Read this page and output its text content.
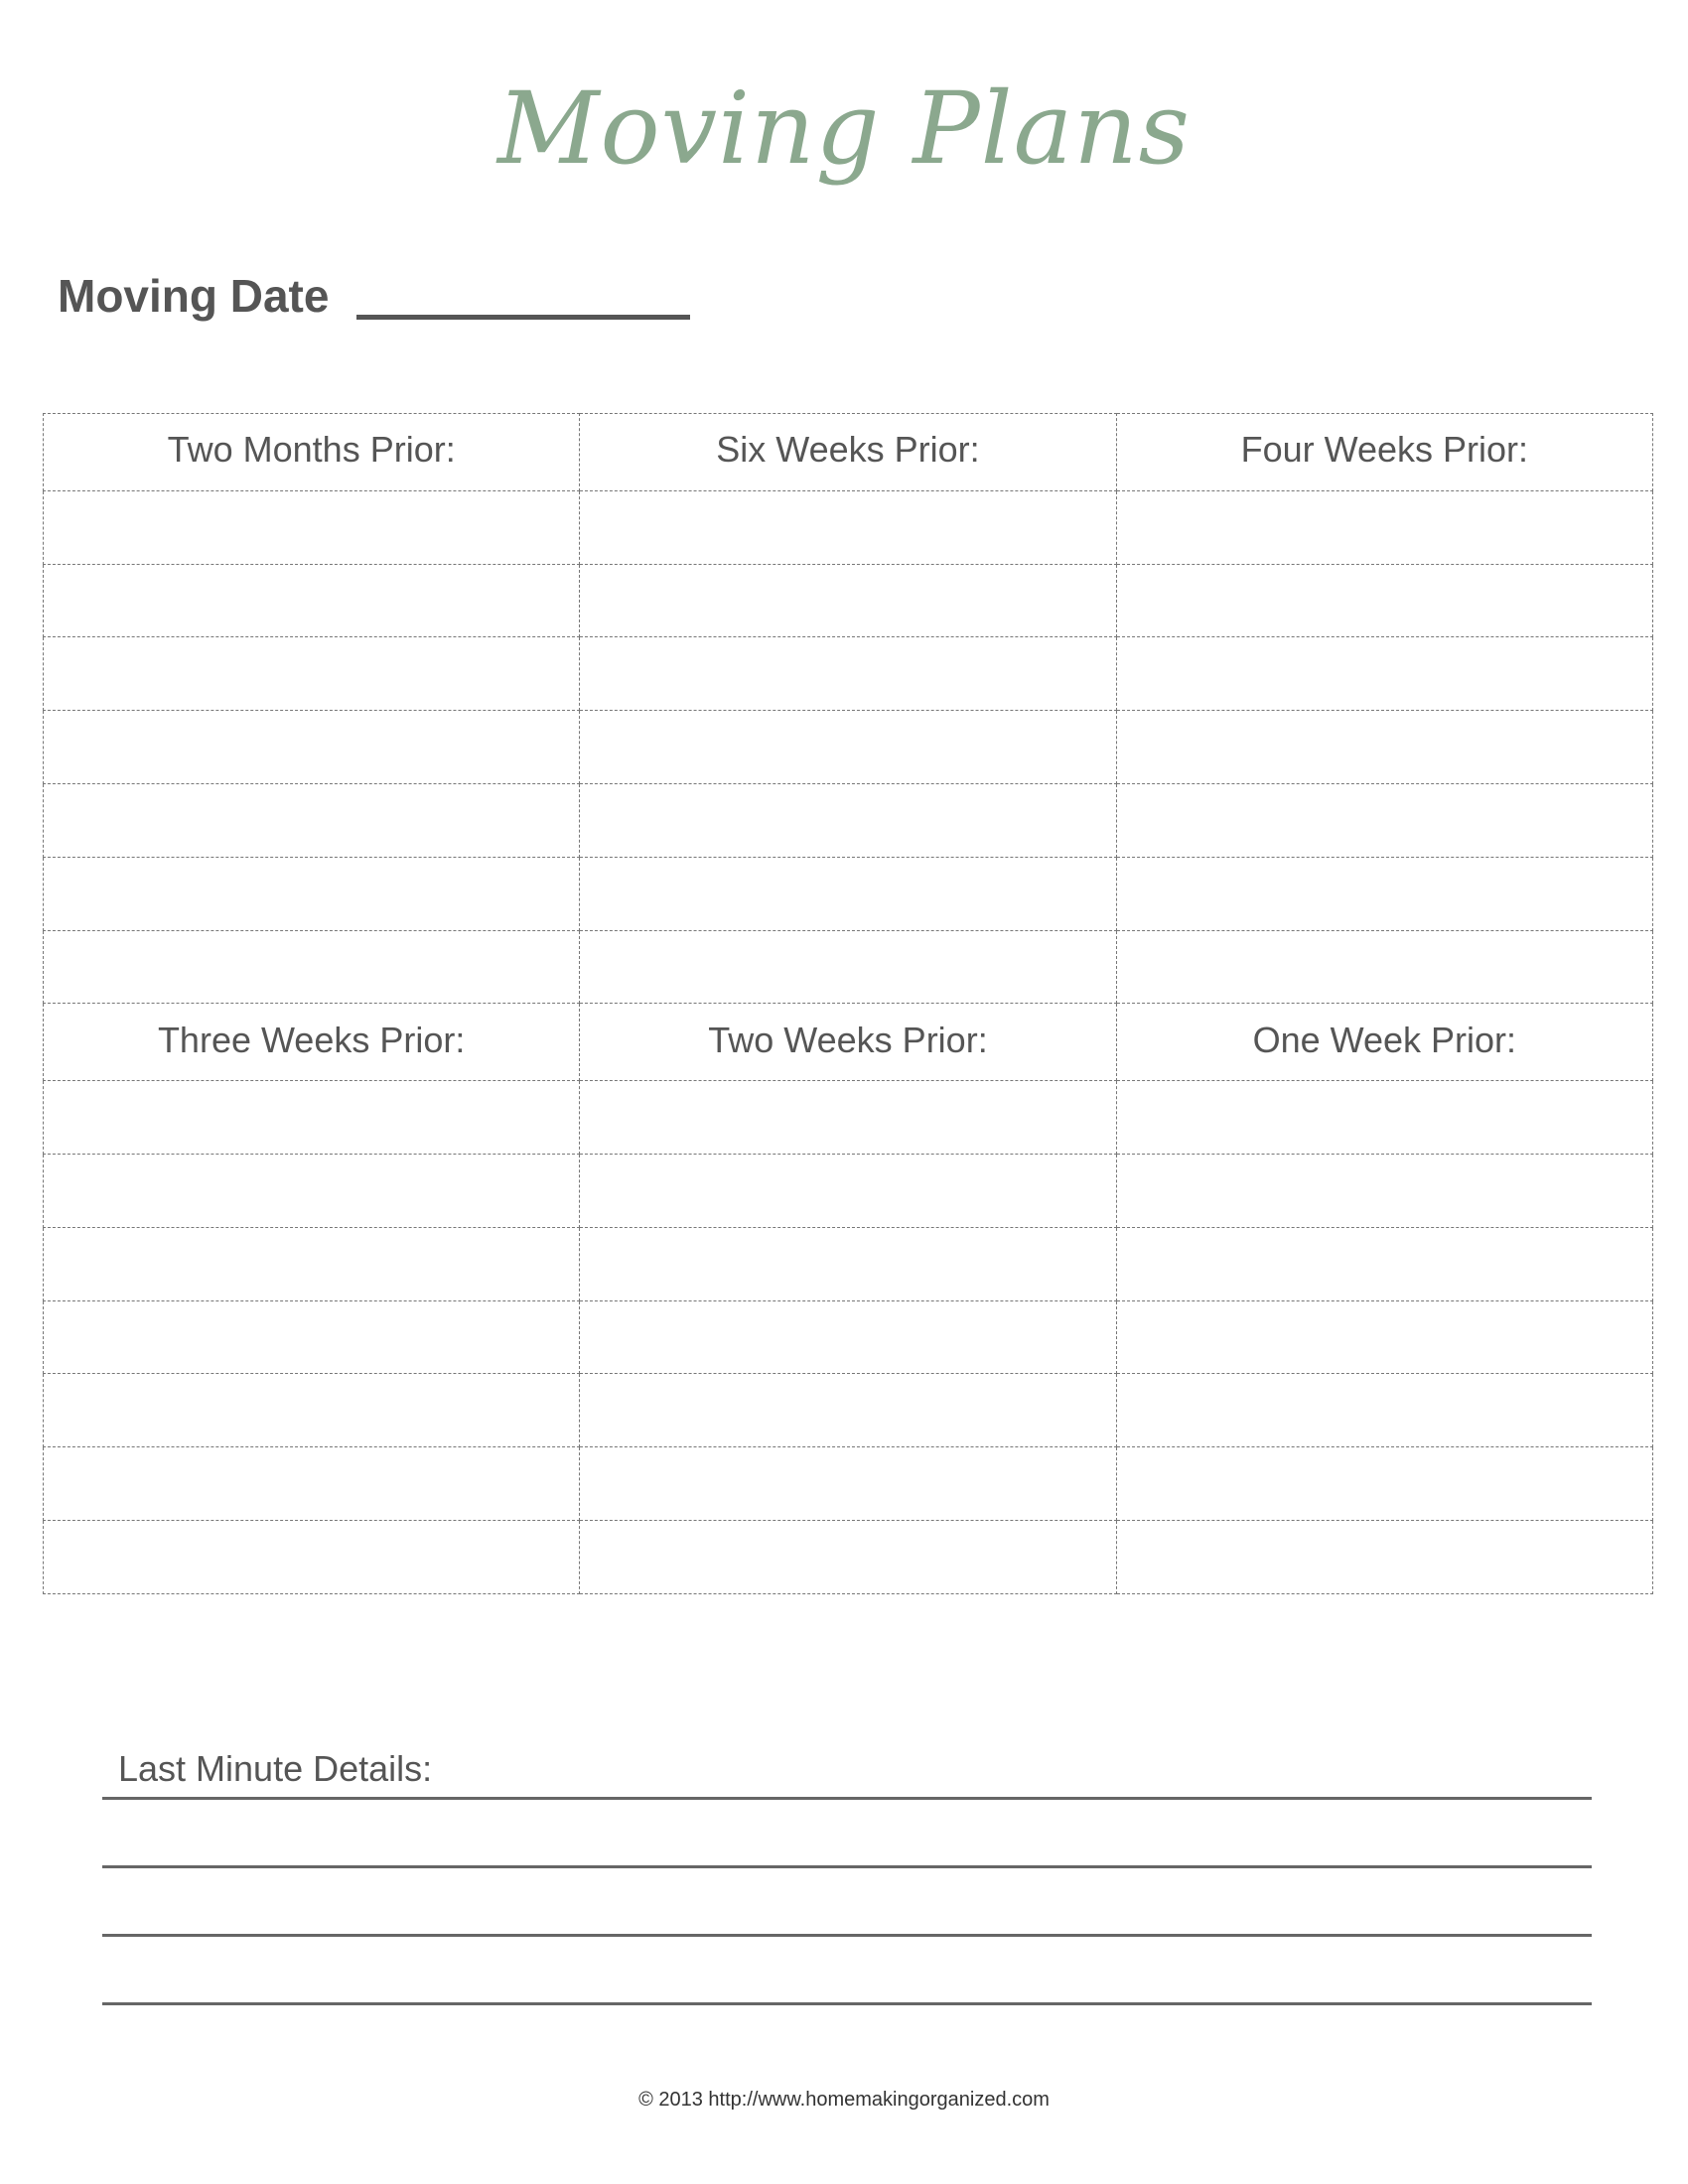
Moving Plans
Moving Date
Two Months Prior:	Six Weeks Prior:	Four Weeks Prior:

Three Weeks Prior:	Two Weeks Prior:	One Week Prior:

Last Minute Details:
© 2013 http://www.homemakingorganized.com
